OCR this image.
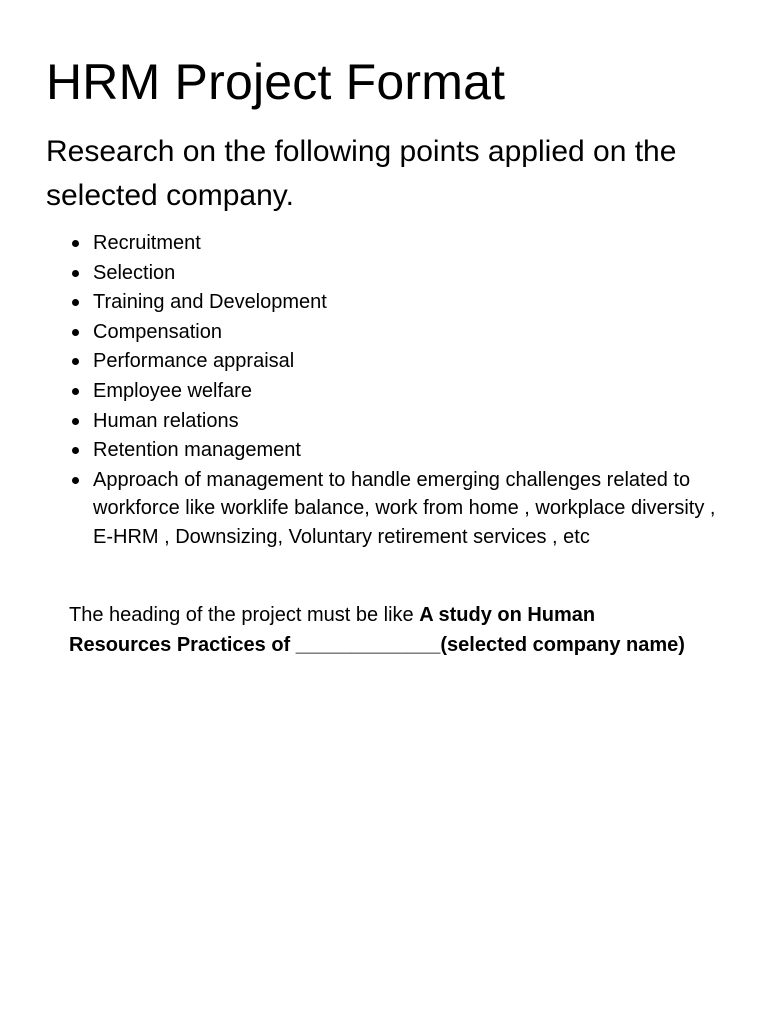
HRM Project Format

Research on the following points applied on the selected company.

Recruitment
Selection
Training and Development
Compensation
Performance appraisal
Employee welfare
Human relations
Retention management
Approach of management to handle emerging challenges related to workforce like worklife balance, work from home , workplace diversity , E-HRM , Downsizing, Voluntary retirement services , etc

The heading of the project must be like A study on Human
Resources Practices of _____________(selected company name)
